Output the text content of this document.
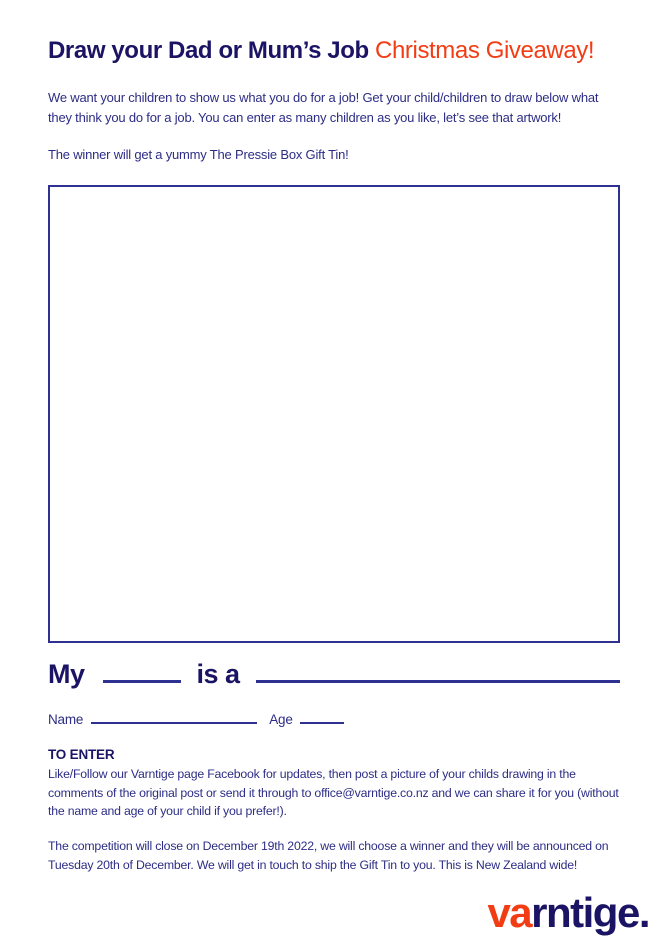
Draw your Dad or Mum’s Job Christmas Giveaway!

We want your children to show us what you do for a job! Get your child/children to draw below what they think you do for a job. You can enter as many children as you like, let’s see that artwork!

The winner will get a yummy The Pressie Box Gift Tin!

My	is a
Name	Age
TO ENTER

Like/Follow our Varntige page Facebook for updates, then post a picture of your childs drawing in the comments of the original post or send it through to office@varntige.co.nz and we can share it for you (without the name and age of your child if you prefer!).

The competition will close on December 19th 2022, we will choose a winner and they will be announced on Tuesday 20th of December. We will get in touch to ship the Gift Tin to you. This is New Zealand wide!

varntige.
